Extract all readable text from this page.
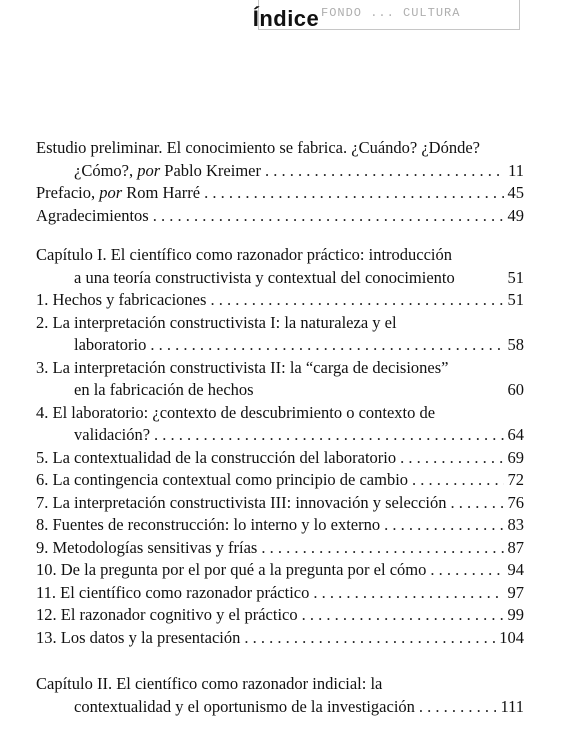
FONDO ... CULTURA
Índice
Estudio preliminar. El conocimiento se fabrica. ¿Cuándo? ¿Dónde?
¿Cómo?, por Pablo Kreimer . . .	11
Prefacio, por Rom Harré . . .	45
Agradecimientos . . .	49
Capítulo I. El científico como razonador práctico: introducción
a una teoría constructivista y contextual del conocimiento	51
1. Hechos y fabricaciones . . .	51
2. La interpretación constructivista I: la naturaleza y el
laboratorio . . .	58
3. La interpretación constructivista II: la “carga de decisiones”
en la fabricación de hechos	60
4. El laboratorio: ¿contexto de descubrimiento o contexto de
validación? . . .	64
5. La contextualidad de la construcción del laboratorio . . .	69
6. La contingencia contextual como principio de cambio . . .	72
7. La interpretación constructivista III: innovación y selección . . .	76
8. Fuentes de reconstrucción: lo interno y lo externo . . .	83
9. Metodologías sensitivas y frías . . .	87
10. De la pregunta por el por qué a la pregunta por el cómo . . .	94
11. El científico como razonador práctico . . .	97
12. El razonador cognitivo y el práctico . . .	99
13. Los datos y la presentación . . .	104
Capítulo II. El científico como razonador indicial: la
contextualidad y el oportunismo de la investigación . . .	111
